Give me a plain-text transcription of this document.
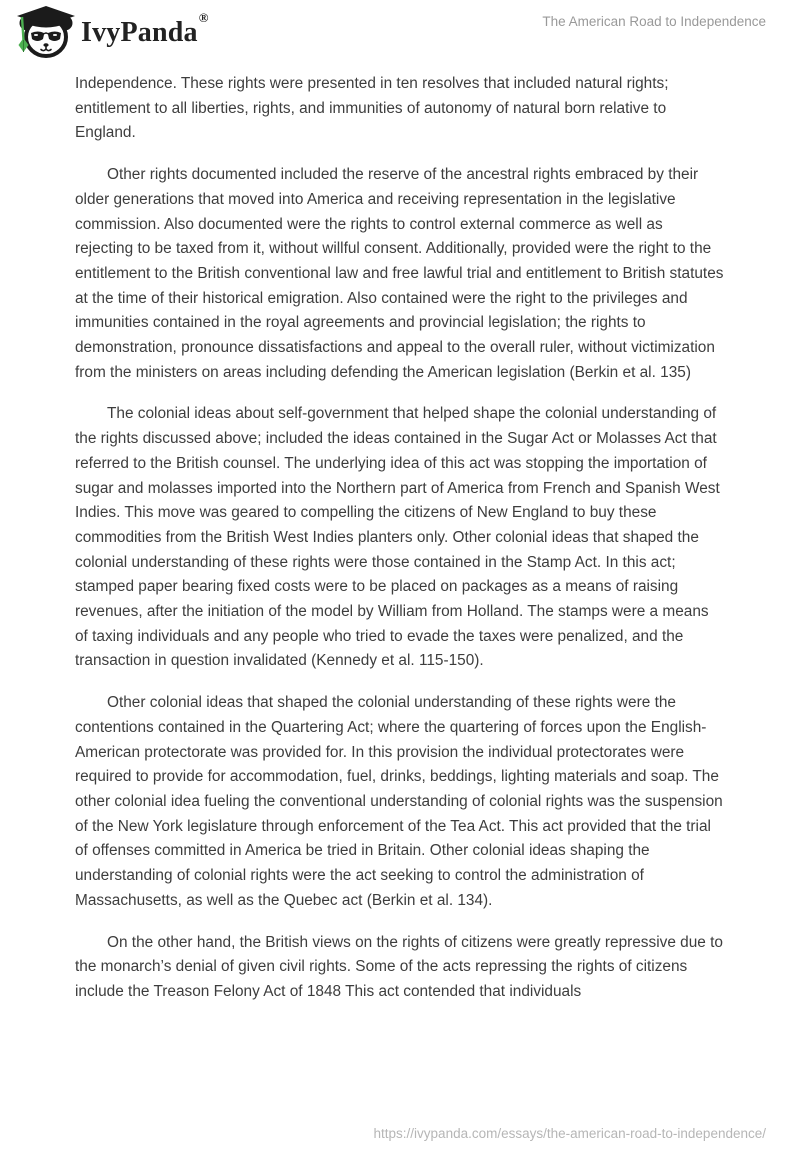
IvyPanda®	The American Road to Independence

Independence. These rights were presented in ten resolves that included natural rights; entitlement to all liberties, rights, and immunities of autonomy of natural born relative to England.

Other rights documented included the reserve of the ancestral rights embraced by their older generations that moved into America and receiving representation in the legislative commission. Also documented were the rights to control external commerce as well as rejecting to be taxed from it, without willful consent. Additionally, provided were the right to the entitlement to the British conventional law and free lawful trial and entitlement to British statutes at the time of their historical emigration. Also contained were the right to the privileges and immunities contained in the royal agreements and provincial legislation; the rights to demonstration, pronounce dissatisfactions and appeal to the overall ruler, without victimization from the ministers on areas including defending the American legislation (Berkin et al. 135)

The colonial ideas about self-government that helped shape the colonial understanding of the rights discussed above; included the ideas contained in the Sugar Act or Molasses Act that referred to the British counsel. The underlying idea of this act was stopping the importation of sugar and molasses imported into the Northern part of America from French and Spanish West Indies. This move was geared to compelling the citizens of New England to buy these commodities from the British West Indies planters only. Other colonial ideas that shaped the colonial understanding of these rights were those contained in the Stamp Act. In this act; stamped paper bearing fixed costs were to be placed on packages as a means of raising revenues, after the initiation of the model by William from Holland. The stamps were a means of taxing individuals and any people who tried to evade the taxes were penalized, and the transaction in question invalidated (Kennedy et al. 115-150).

Other colonial ideas that shaped the colonial understanding of these rights were the contentions contained in the Quartering Act; where the quartering of forces upon the English-American protectorate was provided for. In this provision the individual protectorates were required to provide for accommodation, fuel, drinks, beddings, lighting materials and soap. The other colonial idea fueling the conventional understanding of colonial rights was the suspension of the New York legislature through enforcement of the Tea Act. This act provided that the trial of offenses committed in America be tried in Britain. Other colonial ideas shaping the understanding of colonial rights were the act seeking to control the administration of Massachusetts, as well as the Quebec act (Berkin et al. 134).

On the other hand, the British views on the rights of citizens were greatly repressive due to the monarch’s denial of given civil rights. Some of the acts repressing the rights of citizens include the Treason Felony Act of 1848 This act contended that individuals

https://ivypanda.com/essays/the-american-road-to-independence/
